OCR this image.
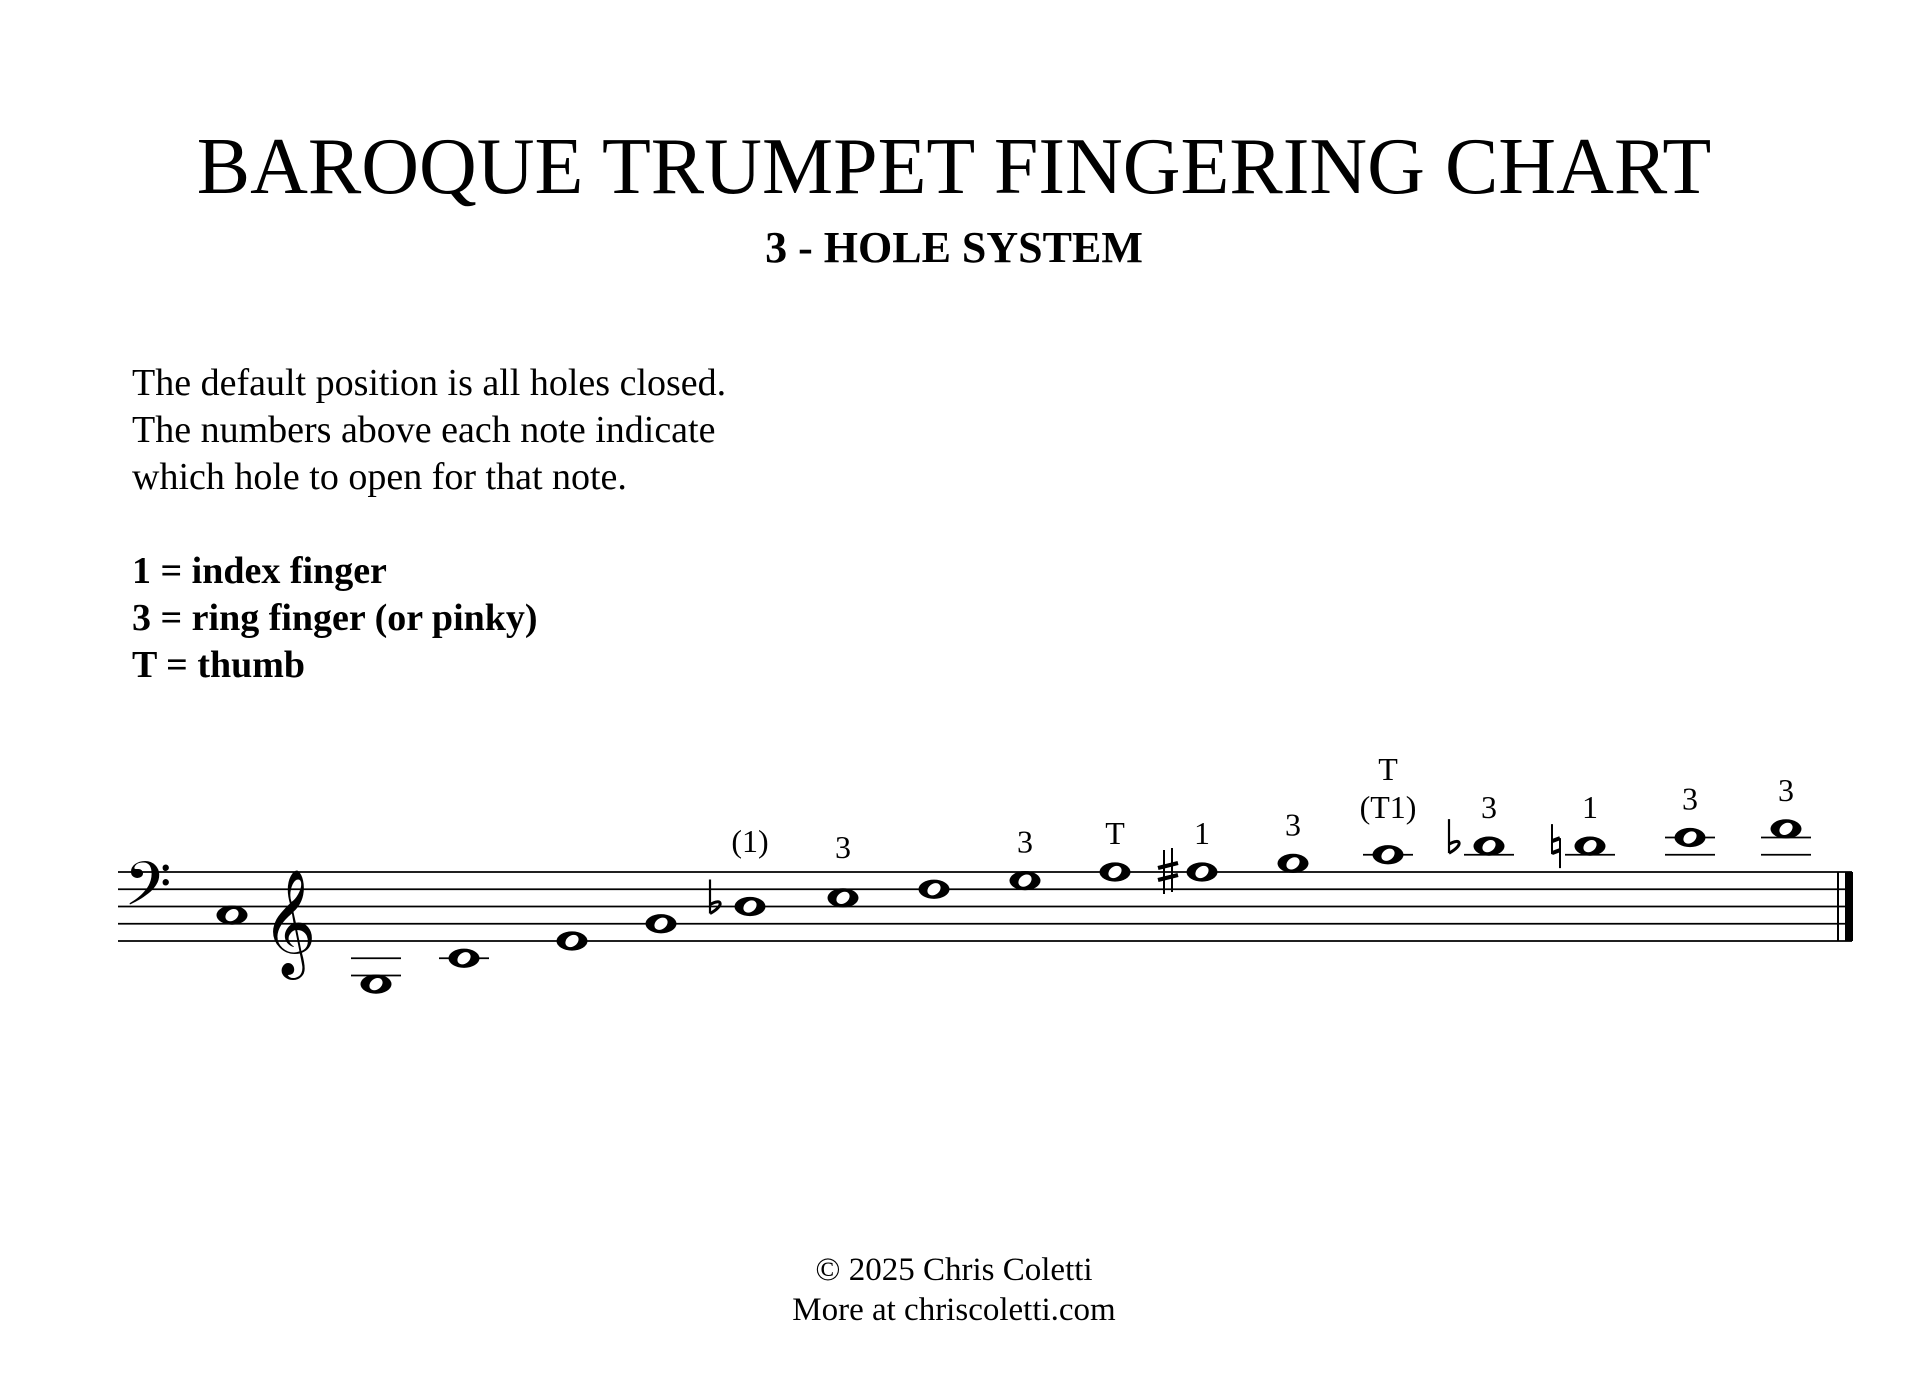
BAROQUE TRUMPET FINGERING CHART
3 - HOLE SYSTEM
The default position is all holes closed.
The numbers above each note indicate
which hole to open for that note.
1 = index finger
3 = ring finger (or pinky)
T = thumb
𝄢 𝄞
(1) 3	3 T 1 3 (T1)
T
3	1	3	3
© 2025 Chris Coletti
More at chriscoletti.com
